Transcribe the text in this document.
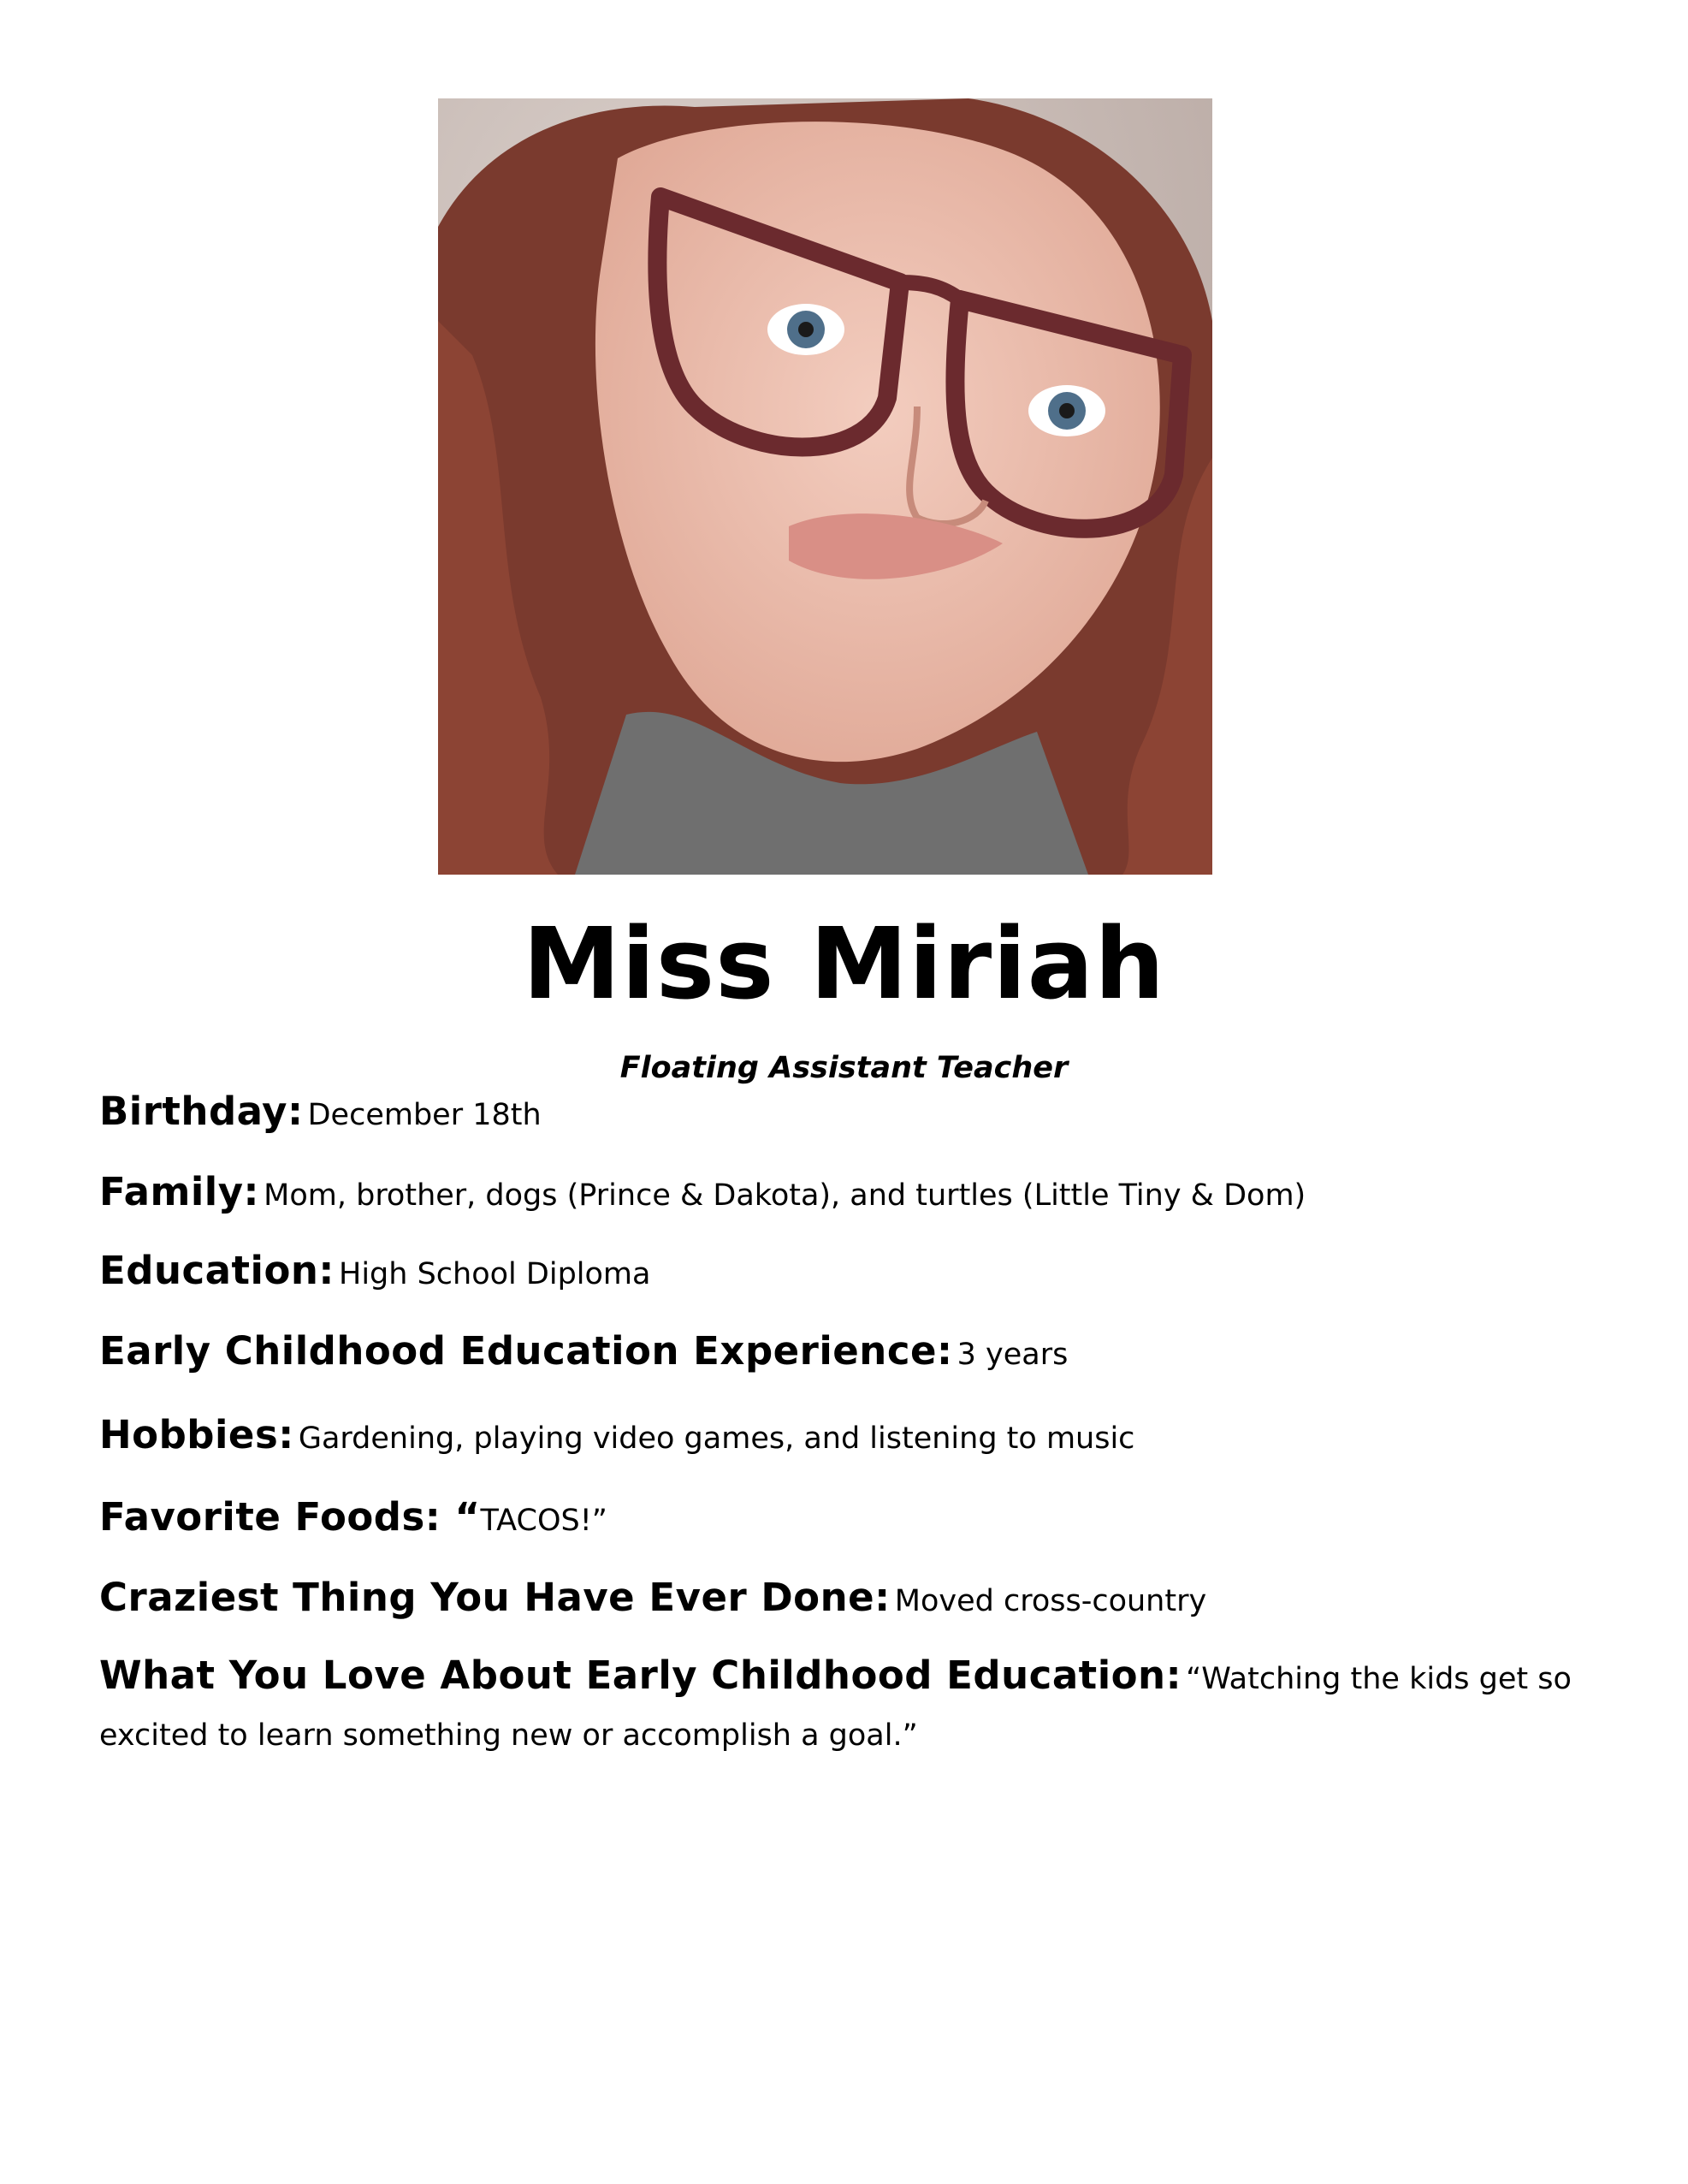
Miss Miriah
Floating Assistant Teacher
Birthday: December 18th
Family: Mom, brother, dogs (Prince & Dakota), and turtles (Little Tiny & Dom)
Education: High School Diploma
Early Childhood Education Experience: 3 years
Hobbies: Gardening, playing video games, and listening to music
Favorite Foods: “TACOS!”
Craziest Thing You Have Ever Done: Moved cross-country
What You Love About Early Childhood Education: “Watching the kids get so excited to learn something new or accomplish a goal.”
